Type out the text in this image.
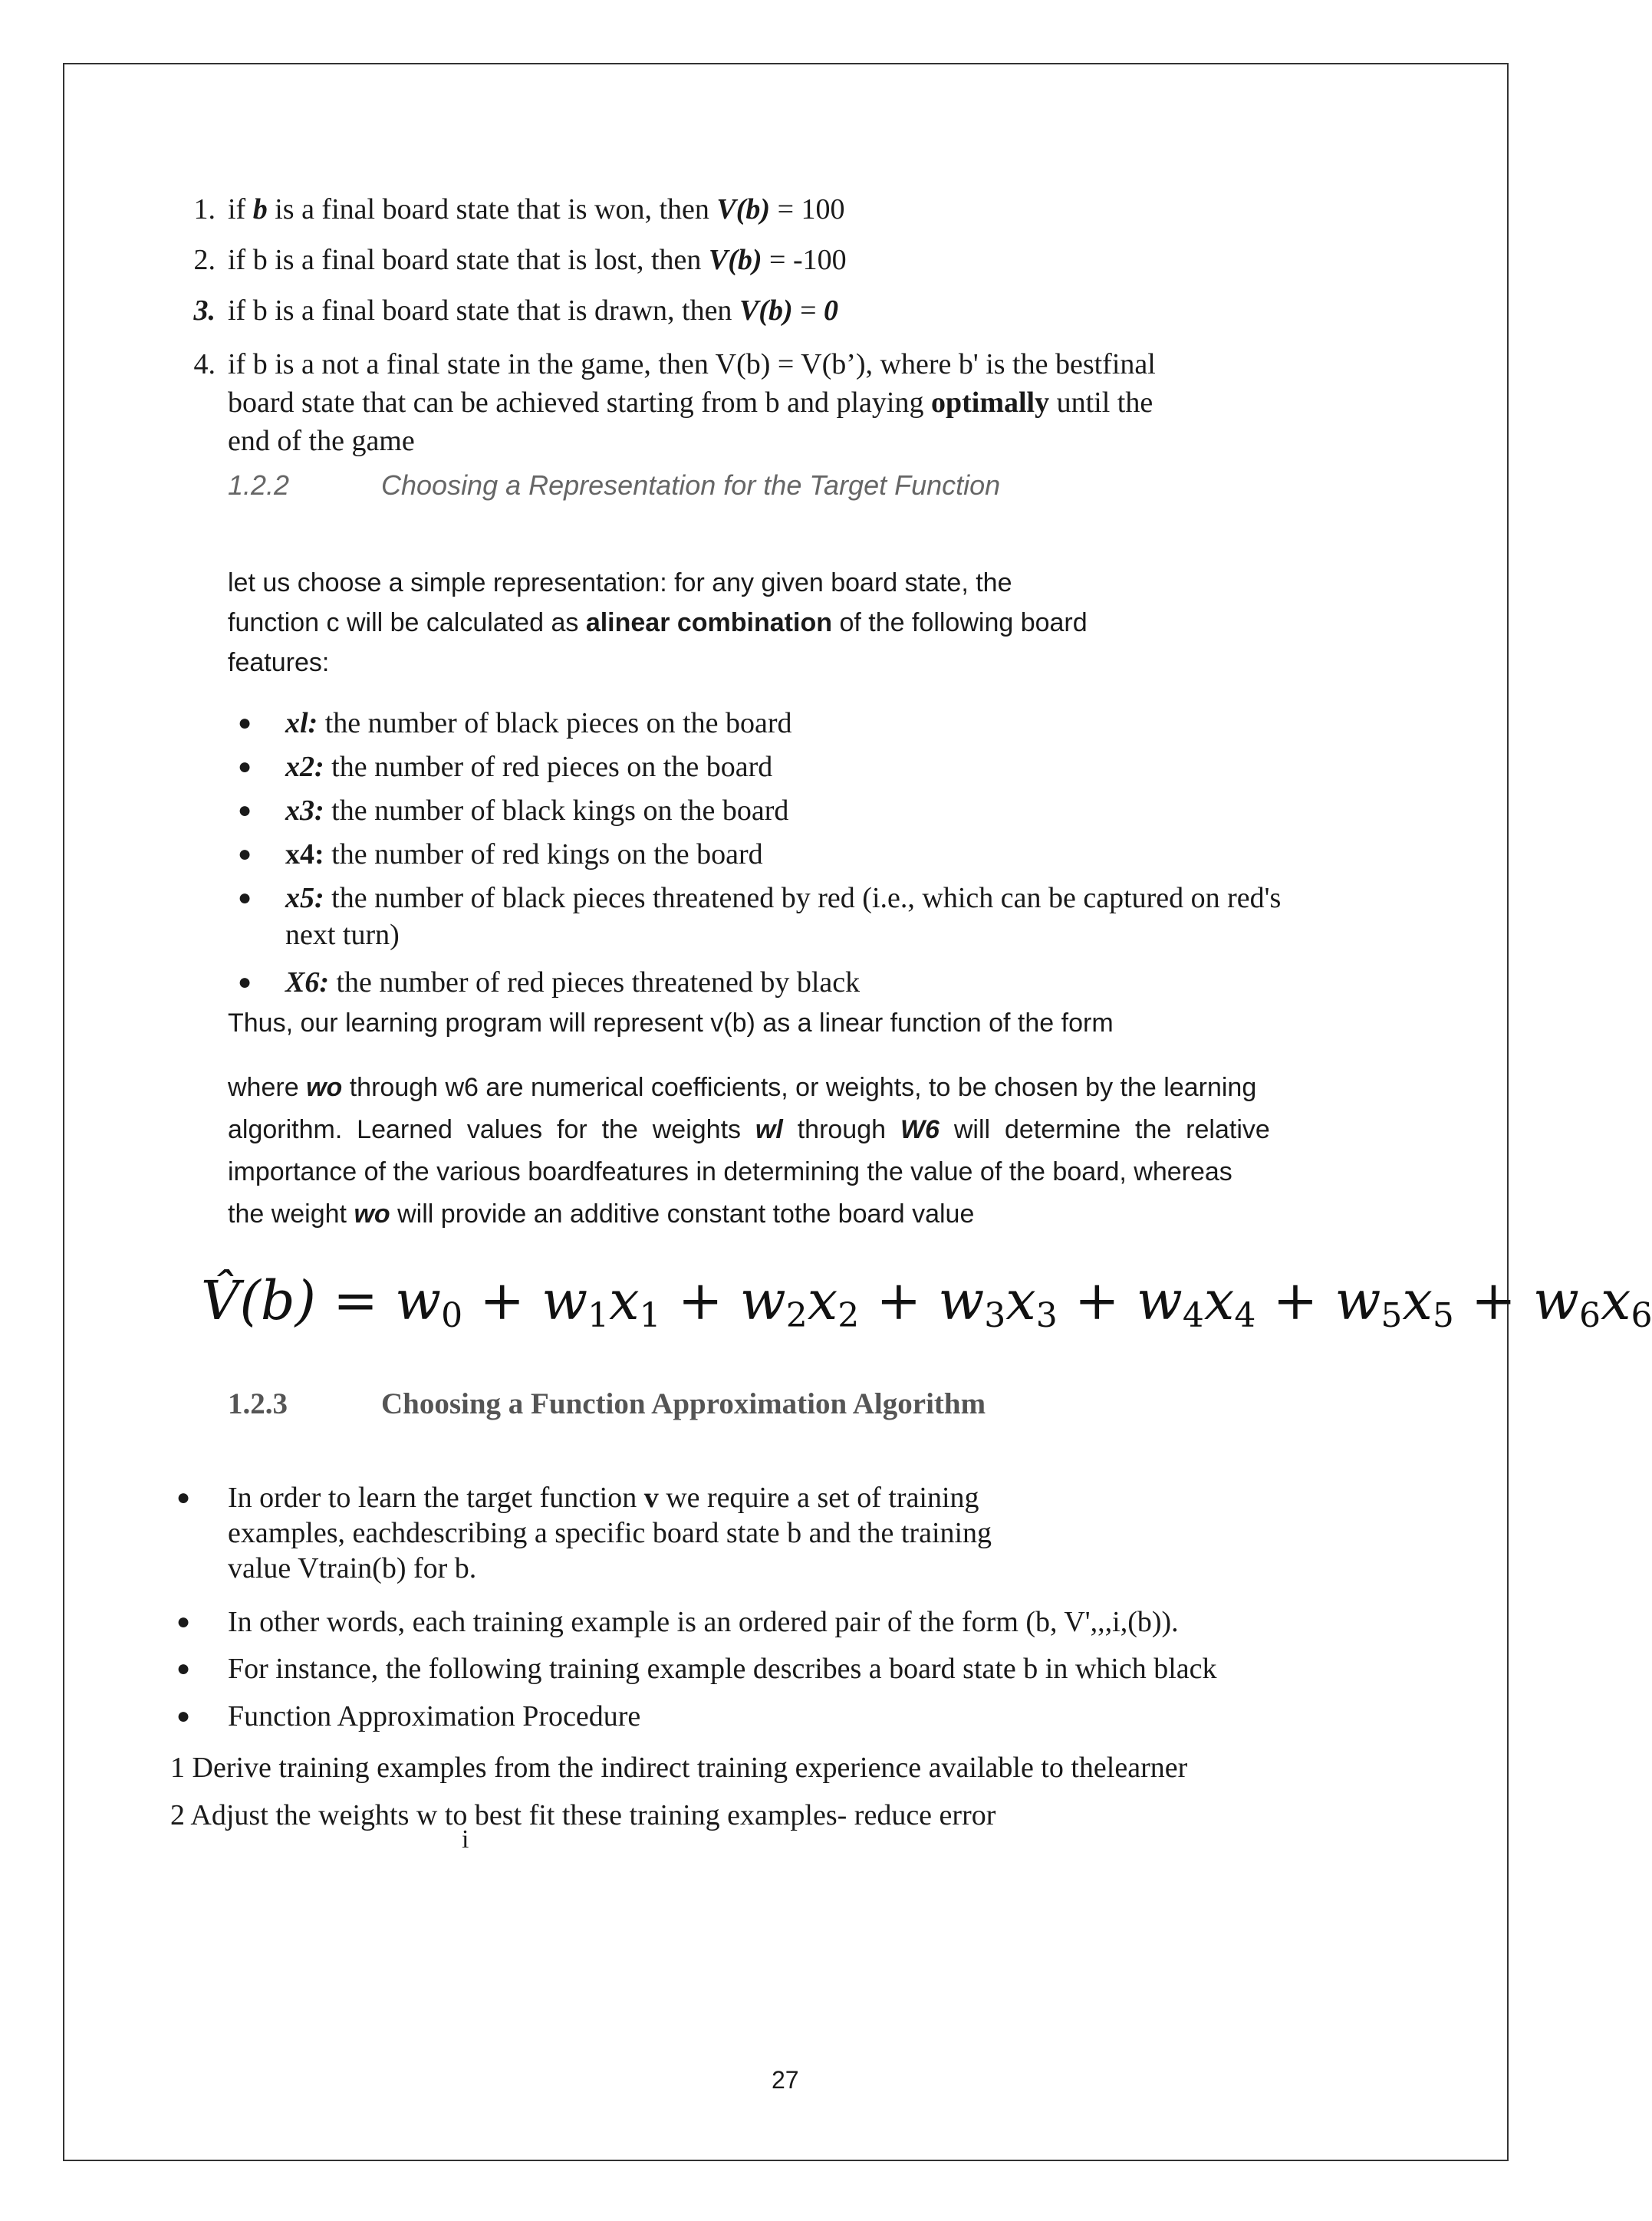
1. if b is a final board state that is won, then V(b) = 100
2. if b is a final board state that is lost, then V(b) = -100
3. if b is a final board state that is drawn, then V(b) = 0
4. if b is a not a final state in the game, then V(b) = V(b’), where b' is the bestfinal
board state that can be achieved starting from b and playing optimally until the
end of the game
1.2.2	Choosing a Representation for the Target Function
let us choose a simple representation: for any given board state, the
function c will be calculated as alinear combination of the following board
features:
● xl: the number of black pieces on the board
● x2: the number of red pieces on the board
● x3: the number of black kings on the board
● x4: the number of red kings on the board
● x5: the number of black pieces threatened by red (i.e., which can be captured on red's
next turn)
● X6: the number of red pieces threatened by black
Thus, our learning program will represent v(b) as a linear function of the form
where wo through w6 are numerical coefficients, or weights, to be chosen by the learning
algorithm.  Learned  values  for  the  weights  wl  through  W6  will  determine  the  relative
importance of the various boardfeatures in determining the value of the board, whereas
the weight wo will provide an additive constant tothe board value
V̂(b) = $w_0 + w_1x_1 + w_2x_2 + w_3x_3 + w_4x_4 + w_5x_5 + w_6x_6$
1.2.3	Choosing a Function Approximation Algorithm
● In order to learn the target function v we require a set of training
examples, eachdescribing a specific board state b and the training
value Vtrain(b) for b.
● In other words, each training example is an ordered pair of the form (b, V',,,i,(b)).
● For instance, the following training example describes a board state b in which black
● Function Approximation Procedure
1 Derive training examples from the indirect training experience available to thelearner
2 Adjust the weights w to best fit these training examples- reduce error
i
27
